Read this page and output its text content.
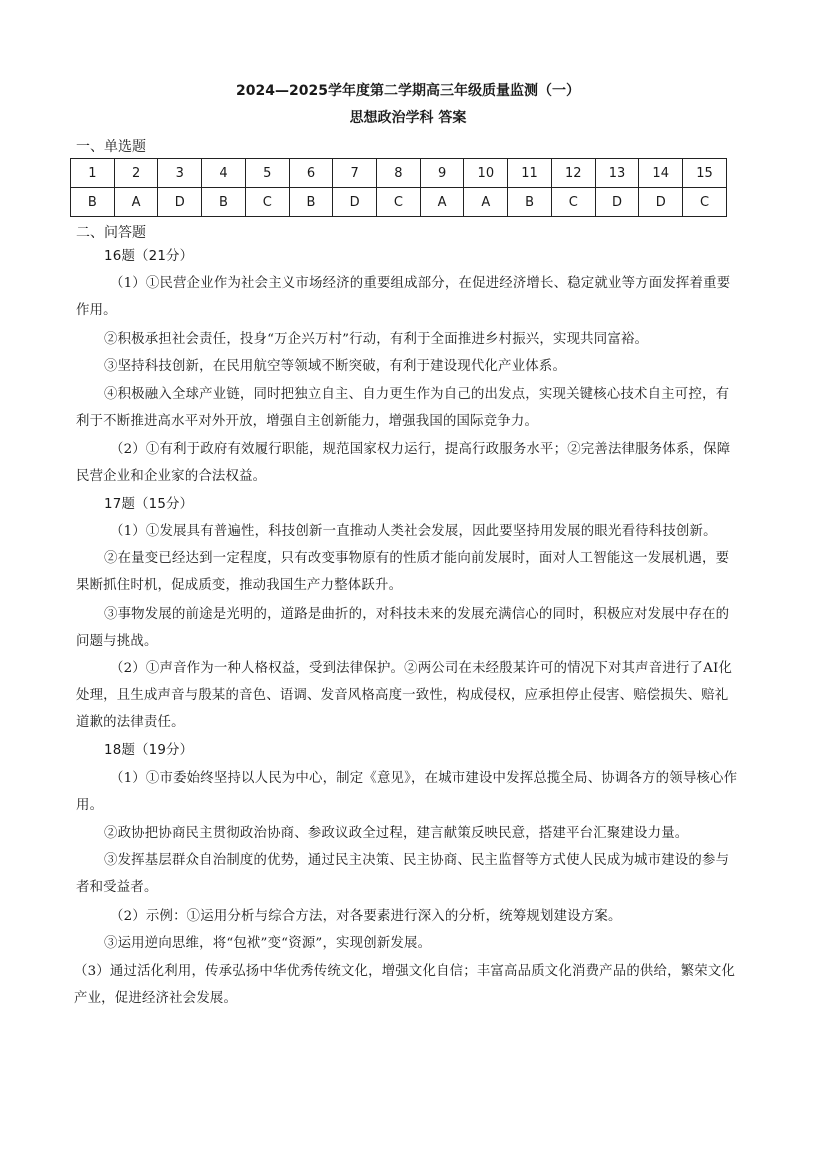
2024—2025学年度第二学期高三年级质量监测（一）
思想政治学科 答案
一、单选题
1	2	3	4	5	6	7	8	9	10	11	12	13	14	15
B	A	D	B	C	B	D	C	A	A	B	C	D	D	C
二、问答题
16题（21分）
（1）①民营企业作为社会主义市场经济的重要组成部分，在促进经济增长、稳定就业等方面发挥着重要作用。
②积极承担社会责任，投身“万企兴万村”行动，有利于全面推进乡村振兴，实现共同富裕。
③坚持科技创新，在民用航空等领域不断突破，有利于建设现代化产业体系。
④积极融入全球产业链，同时把独立自主、自力更生作为自己的出发点，实现关键核心技术自主可控，有利于不断推进高水平对外开放，增强自主创新能力，增强我国的国际竞争力。
（2）①有利于政府有效履行职能，规范国家权力运行，提高行政服务水平；②完善法律服务体系，保障民营企业和企业家的合法权益。
17题（15分）
（1）①发展具有普遍性，科技创新一直推动人类社会发展，因此要坚持用发展的眼光看待科技创新。
②在量变已经达到一定程度，只有改变事物原有的性质才能向前发展时，面对人工智能这一发展机遇，要果断抓住时机，促成质变，推动我国生产力整体跃升。
③事物发展的前途是光明的，道路是曲折的，对科技未来的发展充满信心的同时，积极应对发展中存在的问题与挑战。
（2）①声音作为一种人格权益，受到法律保护。②两公司在未经殷某许可的情况下对其声音进行了AI化处理，且生成声音与殷某的音色、语调、发音风格高度一致性，构成侵权，应承担停止侵害、赔偿损失、赔礼道歉的法律责任。
18题（19分）
（1）①市委始终坚持以人民为中心，制定《意见》，在城市建设中发挥总揽全局、协调各方的领导核心作用。
②政协把协商民主贯彻政治协商、参政议政全过程，建言献策反映民意，搭建平台汇聚建设力量。
③发挥基层群众自治制度的优势，通过民主决策、民主协商、民主监督等方式使人民成为城市建设的参与者和受益者。
（2）示例：①运用分析与综合方法，对各要素进行深入的分析，统筹规划建设方案。
③运用逆向思维，将“包袱”变“资源”，实现创新发展。
（3）通过活化利用，传承弘扬中华优秀传统文化，增强文化自信；丰富高品质文化消费产品的供给，繁荣文化产业，促进经济社会发展。
